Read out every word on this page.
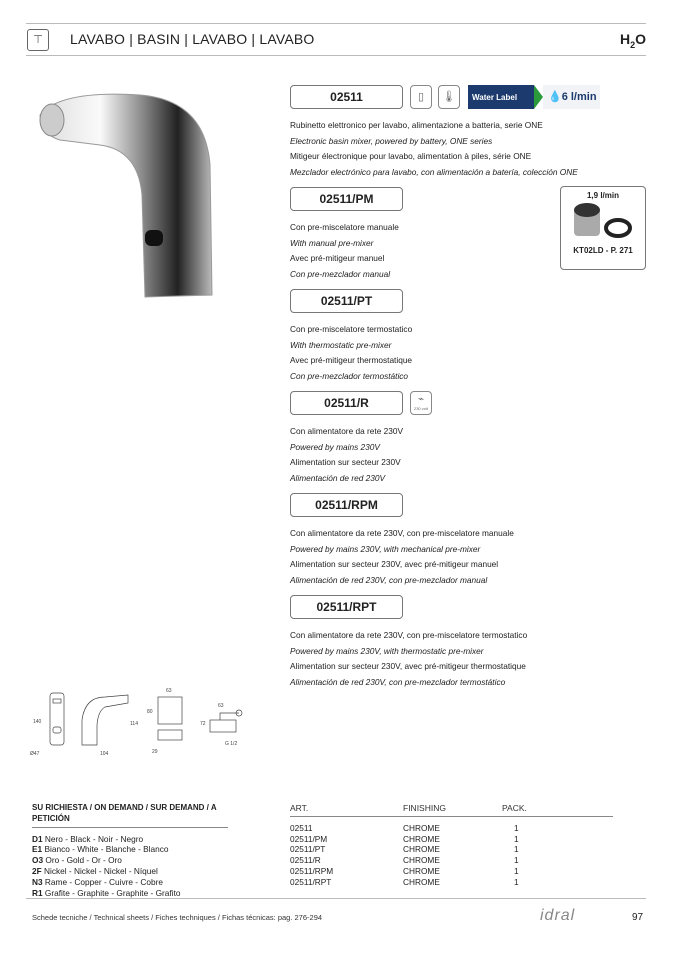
⊤	LAVABO | BASIN | LAVABO | LAVABO	$H_2O$
02511	▯	🌡	Water Label	💧6 l/min
Rubinetto elettronico per lavabo, alimentazione a batteria, serie ONE
Electronic basin mixer, powered by battery, ONE series
Mitigeur électronique pour lavabo, alimentation à piles, série ONE
Mezclador electrónico para lavabo, con alimentación a batería, colección ONE
02511/PM
Con pre-miscelatore manuale
With manual pre-mixer
Avec pré-mitigeur manuel
Con pre-mezclador manual
1,9 l/min
KT02LD - P. 271
02511/PT
Con pre-miscelatore termostatico
With thermostatic pre-mixer
Avec pré-mitigeur thermostatique
Con pre-mezclador termostático
02511/R	⌁
230 volt
Con alimentatore da rete 230V
Powered by mains 230V
Alimentation sur secteur 230V
Alimentación de red 230V
02511/RPM
Con alimentatore da rete 230V, con pre-miscelatore manuale
Powered by mains 230V, with mechanical pre-mixer
Alimentation sur secteur 230V, avec pré-mitigeur manuel
Alimentación de red 230V, con pre-mezclador manual
02511/RPT
Con alimentatore da rete 230V, con pre-miscelatore termostatico
Powered by mains 230V, with thermostatic pre-mixer
Alimentation sur secteur 230V, avec pré-mitigeur thermostatique
Alimentación de red 230V, con pre-mezclador termostático
140
Ø47	104
114
63
80
29
63
72
G 1/2
SU RICHIESTA / ON DEMAND / SUR DEMAND / A PETICIÓN
D1 Nero - Black - Noir - Negro
E1 Bianco - White - Blanche - Blanco
O3 Oro - Gold - Or - Oro
2F Nickel - Nickel - Nickel - Níquel
N3 Rame - Copper - Cuivre - Cobre
R1 Grafite - Graphite - Graphite - Grafito
ART.	FINISHING	PACK.
02511	CHROME	1
02511/PM	CHROME	1
02511/PT	CHROME	1
02511/R	CHROME	1
02511/RPM	CHROME	1
02511/RPT	CHROME	1
Schede tecniche / Technical sheets / Fiches techniques / Fichas técnicas: pag. 276-294	idral	97
